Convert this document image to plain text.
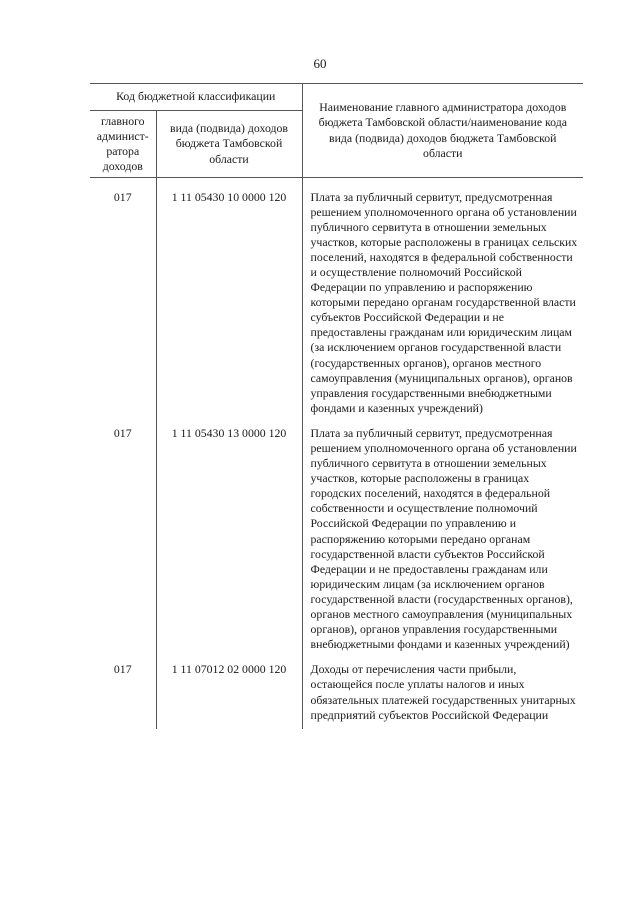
60
Код бюджетной классификации		Наименование главного администратора доходов бюджета Тамбовской области/наименование кода вида (подвида) доходов бюджета Тамбовской области
главного админист-ратора доходов	вида (подвида) доходов бюджета Тамбовской области	

017	1 11 05430 10 0000 120	Плата за публичный сервитут, предусмотренная решением уполномоченного органа об установлении публичного сервитута в отношении земельных участков, которые расположены в границах сельских поселений, находятся в федеральной собственности и осуществление полномочий Российской Федерации по управлению и распоряжению которыми передано органам государственной власти субъектов Российской Федерации и не предоставлены гражданам или юридическим лицам (за исключением органов государственной власти (государственных органов), органов местного самоуправления (муниципальных органов), органов управления государственными внебюджетными фондами и казенных учреждений)
017	1 11 05430 13 0000 120	Плата за публичный сервитут, предусмотренная решением уполномоченного органа об установлении публичного сервитута в отношении земельных участков, которые расположены в границах городских поселений, находятся в федеральной собственности и осуществление полномочий Российской Федерации по управлению и распоряжению которыми передано органам государственной власти субъектов Российской Федерации и не предоставлены гражданам или юридическим лицам (за исключением органов государственной власти (государственных органов), органов местного самоуправления (муниципальных органов), органов управления государственными внебюджетными фондами и казенных учреждений)
017	1 11 07012 02 0000 120	Доходы от перечисления части прибыли, остающейся после уплаты налогов и иных обязательных платежей государственных унитарных предприятий субъектов Российской Федерации
